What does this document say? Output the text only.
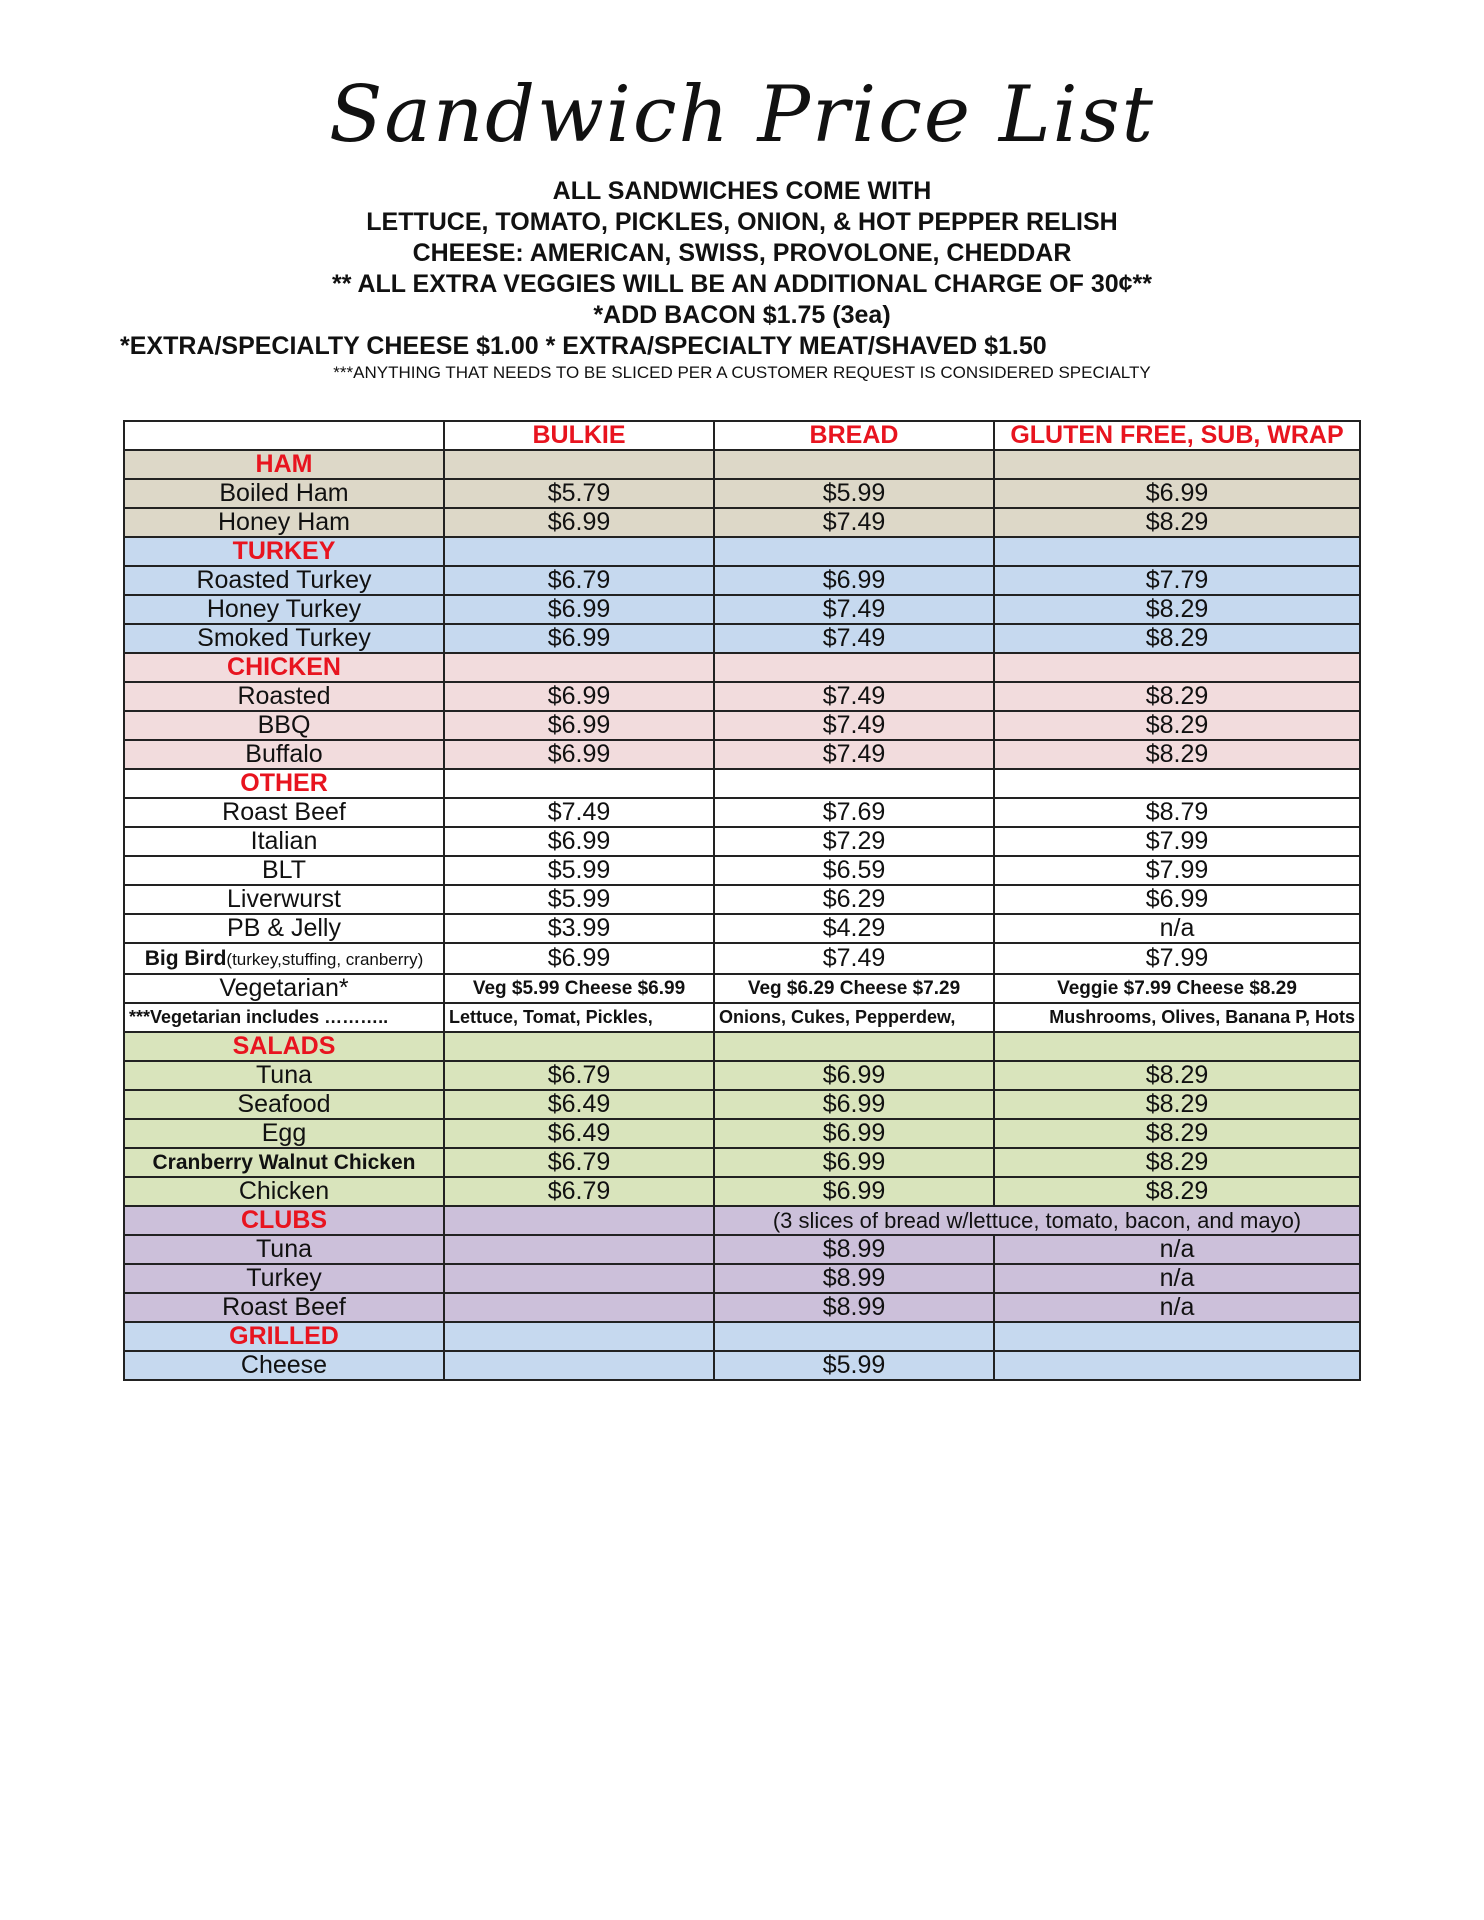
Sandwich Price List
ALL SANDWICHES COME WITH
LETTUCE, TOMATO, PICKLES, ONION, & HOT PEPPER RELISH
CHEESE: AMERICAN, SWISS, PROVOLONE, CHEDDAR
** ALL EXTRA VEGGIES WILL BE AN ADDITIONAL CHARGE OF 30¢**
*ADD BACON $1.75 (3ea)
*EXTRA/SPECIALTY CHEESE $1.00 * EXTRA/SPECIALTY MEAT/SHAVED $1.50
***ANYTHING THAT NEEDS TO BE SLICED PER A CUSTOMER REQUEST IS CONSIDERED SPECIALTY
	BULKIE	BREAD	GLUTEN FREE, SUB, WRAP
HAM			
Boiled Ham	$5.79	$5.99	$6.99
Honey Ham	$6.99	$7.49	$8.29
TURKEY			
Roasted Turkey	$6.79	$6.99	$7.79
Honey Turkey	$6.99	$7.49	$8.29
Smoked Turkey	$6.99	$7.49	$8.29
CHICKEN			
Roasted	$6.99	$7.49	$8.29
BBQ	$6.99	$7.49	$8.29
Buffalo	$6.99	$7.49	$8.29
OTHER			
Roast Beef	$7.49	$7.69	$8.79
Italian	$6.99	$7.29	$7.99
BLT	$5.99	$6.59	$7.99
Liverwurst	$5.99	$6.29	$6.99
PB & Jelly	$3.99	$4.29	n/a
Big Bird(turkey,stuffing, cranberry)	$6.99	$7.49	$7.99
Vegetarian*	Veg $5.99 Cheese $6.99	Veg $6.29 Cheese $7.29	Veggie $7.99 Cheese $8.29
***Vegetarian includes ………..	Lettuce, Tomat, Pickles,	Onions, Cukes, Pepperdew,	Mushrooms, Olives, Banana P, Hots
SALADS			
Tuna	$6.79	$6.99	$8.29
Seafood	$6.49	$6.99	$8.29
Egg	$6.49	$6.99	$8.29
Cranberry Walnut Chicken	$6.79	$6.99	$8.29
Chicken	$6.79	$6.99	$8.29
CLUBS		(3 slices of bread w/lettuce, tomato, bacon, and mayo)	
Tuna		$8.99	n/a
Turkey		$8.99	n/a
Roast Beef		$8.99	n/a
GRILLED			
Cheese		$5.99	
